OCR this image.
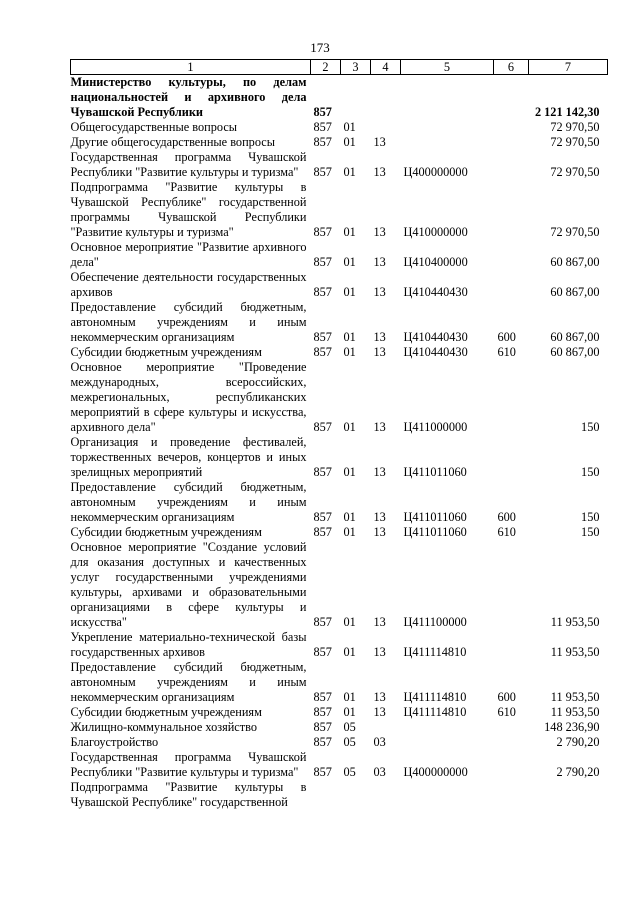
173
1	2	3	4	5	6	7
Министерство культуры, по делам национальностей и архивного дела Чувашской Республики	857					2 121 142,30
Общегосударственные вопросы	857	01				72 970,50
Другие общегосударственные вопросы	857	01	13			72 970,50
Государственная программа Чувашской Республики "Развитие культуры и туризма"	857	01	13	Ц400000000		72 970,50
Подпрограмма "Развитие культуры в Чувашской Республике" государственной программы Чувашской Республики "Развитие культуры и туризма"	857	01	13	Ц410000000		72 970,50
Основное мероприятие "Развитие архивного дела"	857	01	13	Ц410400000		60 867,00
Обеспечение деятельности государственных архивов	857	01	13	Ц410440430		60 867,00
Предоставление субсидий бюджетным, автономным учреждениям и иным некоммерческим организациям	857	01	13	Ц410440430	600	60 867,00
Субсидии бюджетным учреждениям	857	01	13	Ц410440430	610	60 867,00
Основное мероприятие "Проведение международных, всероссийских, межрегиональных, республиканских мероприятий в сфере культуры и искусства, архивного дела"	857	01	13	Ц411000000		150
Организация и проведение фестивалей, торжественных вечеров, концертов и иных зрелищных мероприятий	857	01	13	Ц411011060		150
Предоставление субсидий бюджетным, автономным учреждениям и иным некоммерческим организациям	857	01	13	Ц411011060	600	150
Субсидии бюджетным учреждениям	857	01	13	Ц411011060	610	150
Основное мероприятие "Создание условий для оказания доступных и качественных услуг государственными учреждениями культуры, архивами и образовательными организациями в сфере культуры и искусства"	857	01	13	Ц411100000		11 953,50
Укрепление материально-технической базы государственных архивов	857	01	13	Ц411114810		11 953,50
Предоставление субсидий бюджетным, автономным учреждениям и иным некоммерческим организациям	857	01	13	Ц411114810	600	11 953,50
Субсидии бюджетным учреждениям	857	01	13	Ц411114810	610	11 953,50
Жилищно-коммунальное хозяйство	857	05				148 236,90
Благоустройство	857	05	03			2 790,20
Государственная программа Чувашской Республики "Развитие культуры и туризма"	857	05	03	Ц400000000		2 790,20
Подпрограмма "Развитие культуры в Чувашской Республике" государственной						
